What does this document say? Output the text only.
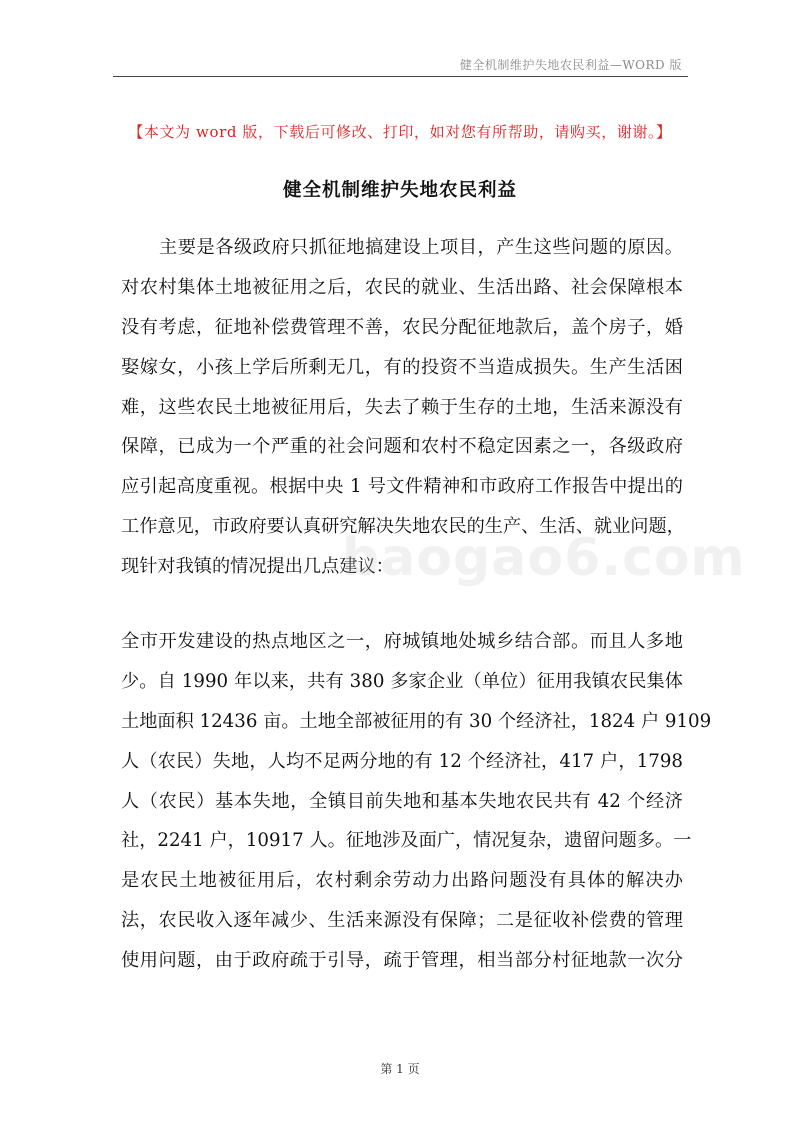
健全机制维护失地农民利益—WORD 版
【本文为 word 版，下载后可修改、打印，如对您有所帮助，请购买，谢谢。】
健全机制维护失地农民利益
主要是各级政府只抓征地搞建设上项目，产生这些问题的原因。
对农村集体土地被征用之后，农民的就业、生活出路、社会保障根本
没有考虑，征地补偿费管理不善，农民分配征地款后，盖个房子，婚
娶嫁女，小孩上学后所剩无几，有的投资不当造成损失。生产生活困
难，这些农民土地被征用后，失去了赖于生存的土地，生活来源没有
保障，已成为一个严重的社会问题和农村不稳定因素之一，各级政府
应引起高度重视。根据中央 1 号文件精神和市政府工作报告中提出的
工作意见，市政府要认真研究解决失地农民的生产、生活、就业问题，
现针对我镇的情况提出几点建议：
baogao6.com
全市开发建设的热点地区之一，府城镇地处城乡结合部。而且人多地
少。自 1990 年以来，共有 380 多家企业（单位）征用我镇农民集体
土地面积 12436 亩。土地全部被征用的有 30 个经济社，1824 户 9109
人（农民）失地，人均不足两分地的有 12 个经济社，417 户，1798
人（农民）基本失地，全镇目前失地和基本失地农民共有 42 个经济
社，2241 户，10917 人。征地涉及面广，情况复杂，遗留问题多。一
是农民土地被征用后，农村剩余劳动力出路问题没有具体的解决办
法，农民收入逐年减少、生活来源没有保障；二是征收补偿费的管理
使用问题，由于政府疏于引导，疏于管理，相当部分村征地款一次分
第 1 页
